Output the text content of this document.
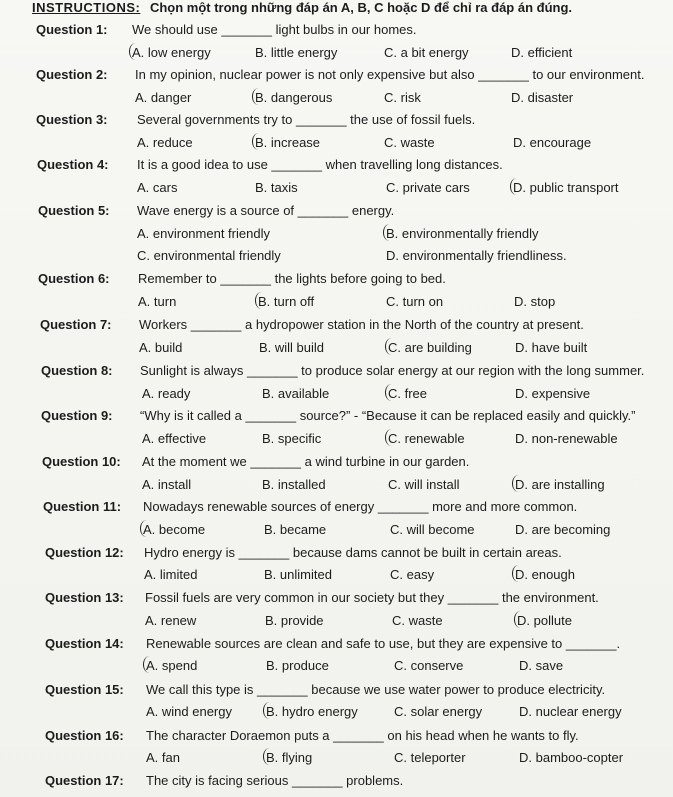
INSTRUCTIONS: Chọn một trong những đáp án A, B, C hoặc D để chỉ ra đáp án đúng.
Question 1: We should use _______ light bulbs in our homes.
A. low energy	B. little energy	C. a bit energy	D. efficient
Question 2: In my opinion, nuclear power is not only expensive but also _______ to our environment.
A. danger	B. dangerous	C. risk	D. disaster
Question 3: Several governments try to _______ the use of fossil fuels.
A. reduce	B. increase	C. waste	D. encourage
Question 4: It is a good idea to use _______ when travelling long distances.
A. cars	B. taxis	C. private cars	D. public transport
Question 5: Wave energy is a source of _______ energy.
A. environment friendly	B. environmentally friendly
C. environmental friendly	D. environmentally friendliness.
Question 6: Remember to _______ the lights before going to bed.
A. turn	B. turn off	C. turn on	D. stop
Question 7: Workers _______ a hydropower station in the North of the country at present.
A. build	B. will build	C. are building	D. have built
Question 8: Sunlight is always _______ to produce solar energy at our region with the long summer.
A. ready	B. available	C. free	D. expensive
Question 9: “Why is it called a _______ source?” - “Because it can be replaced easily and quickly.”
A. effective	B. specific	C. renewable	D. non-renewable
Question 10: At the moment we _______ a wind turbine in our garden.
A. install	B. installed	C. will install	D. are installing
Question 11: Nowadays renewable sources of energy _______ more and more common.
A. become	B. became	C. will become	D. are becoming
Question 12: Hydro energy is _______ because dams cannot be built in certain areas.
A. limited	B. unlimited	C. easy	D. enough
Question 13: Fossil fuels are very common in our society but they _______ the environment.
A. renew	B. provide	C. waste	D. pollute
Question 14: Renewable sources are clean and safe to use, but they are expensive to _______.
A. spend	B. produce	C. conserve	D. save
Question 15: We call this type is _______ because we use water power to produce electricity.
A. wind energy	B. hydro energy	C. solar energy	D. nuclear energy
Question 16: The character Doraemon puts a _______ on his head when he wants to fly.
A. fan	B. flying	C. teleporter	D. bamboo-copter
Question 17: The city is facing serious _______ problems.
